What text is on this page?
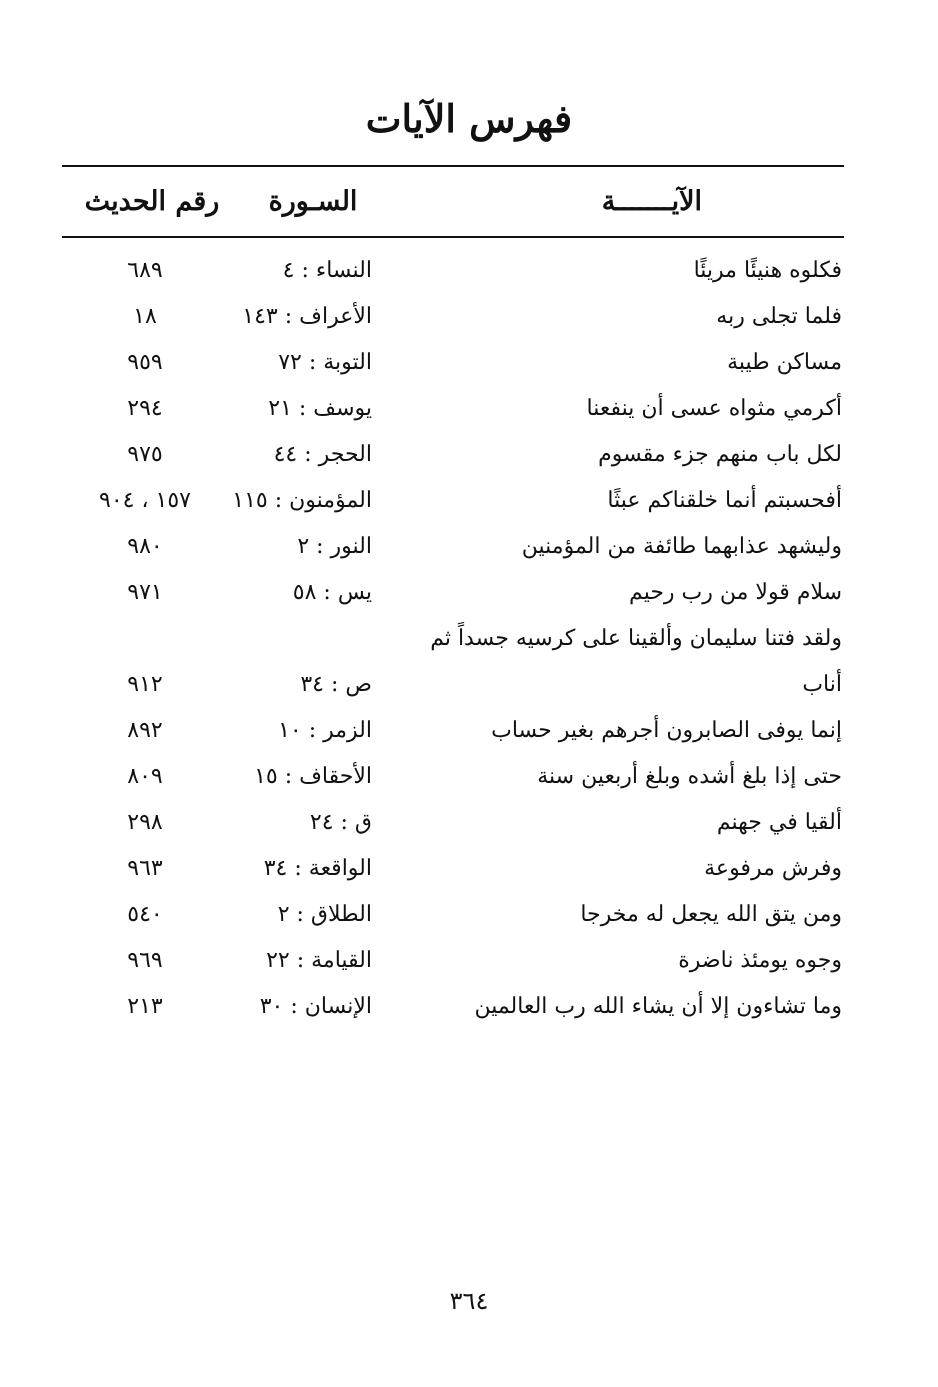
فهرس الآيات
الآيـــــــة
السـورة
رقم الحديث
فكلوه هنيئًا مريئًا
النساء : ٤
٦٨٩
فلما تجلى ربه
الأعراف : ١٤٣
١٨
مساكن طيبة
التوبة : ٧٢
٩٥٩
أكرمي مثواه عسى أن ينفعنا
يوسف : ٢١
٢٩٤
لكل باب منهم جزء مقسوم
الحجر : ٤٤
٩٧٥
أفحسبتم أنما خلقناكم عبثًا
المؤمنون : ١١٥
١٥٧ ، ٩٠٤
وليشهد عذابهما طائفة من المؤمنين
النور : ٢
٩٨٠
سلام قولا من رب رحيم
يس : ٥٨
٩٧١
ولقد فتنا سليمان وألقينا على كرسيه جسداً ثم
أناب
ص : ٣٤
٩١٢
إنما يوفى الصابرون أجرهم بغير حساب
الزمر : ١٠
٨٩٢
حتى إذا بلغ أشده وبلغ أربعين سنة
الأحقاف : ١٥
٨٠٩
ألقيا في جهنم
ق : ٢٤
٢٩٨
وفرش مرفوعة
الواقعة : ٣٤
٩٦٣
ومن يتق الله يجعل له مخرجا
الطلاق : ٢
٥٤٠
وجوه يومئذ ناضرة
القيامة : ٢٢
٩٦٩
وما تشاءون إلا أن يشاء الله رب العالمين
الإنسان : ٣٠
٢١٣
٣٦٤
